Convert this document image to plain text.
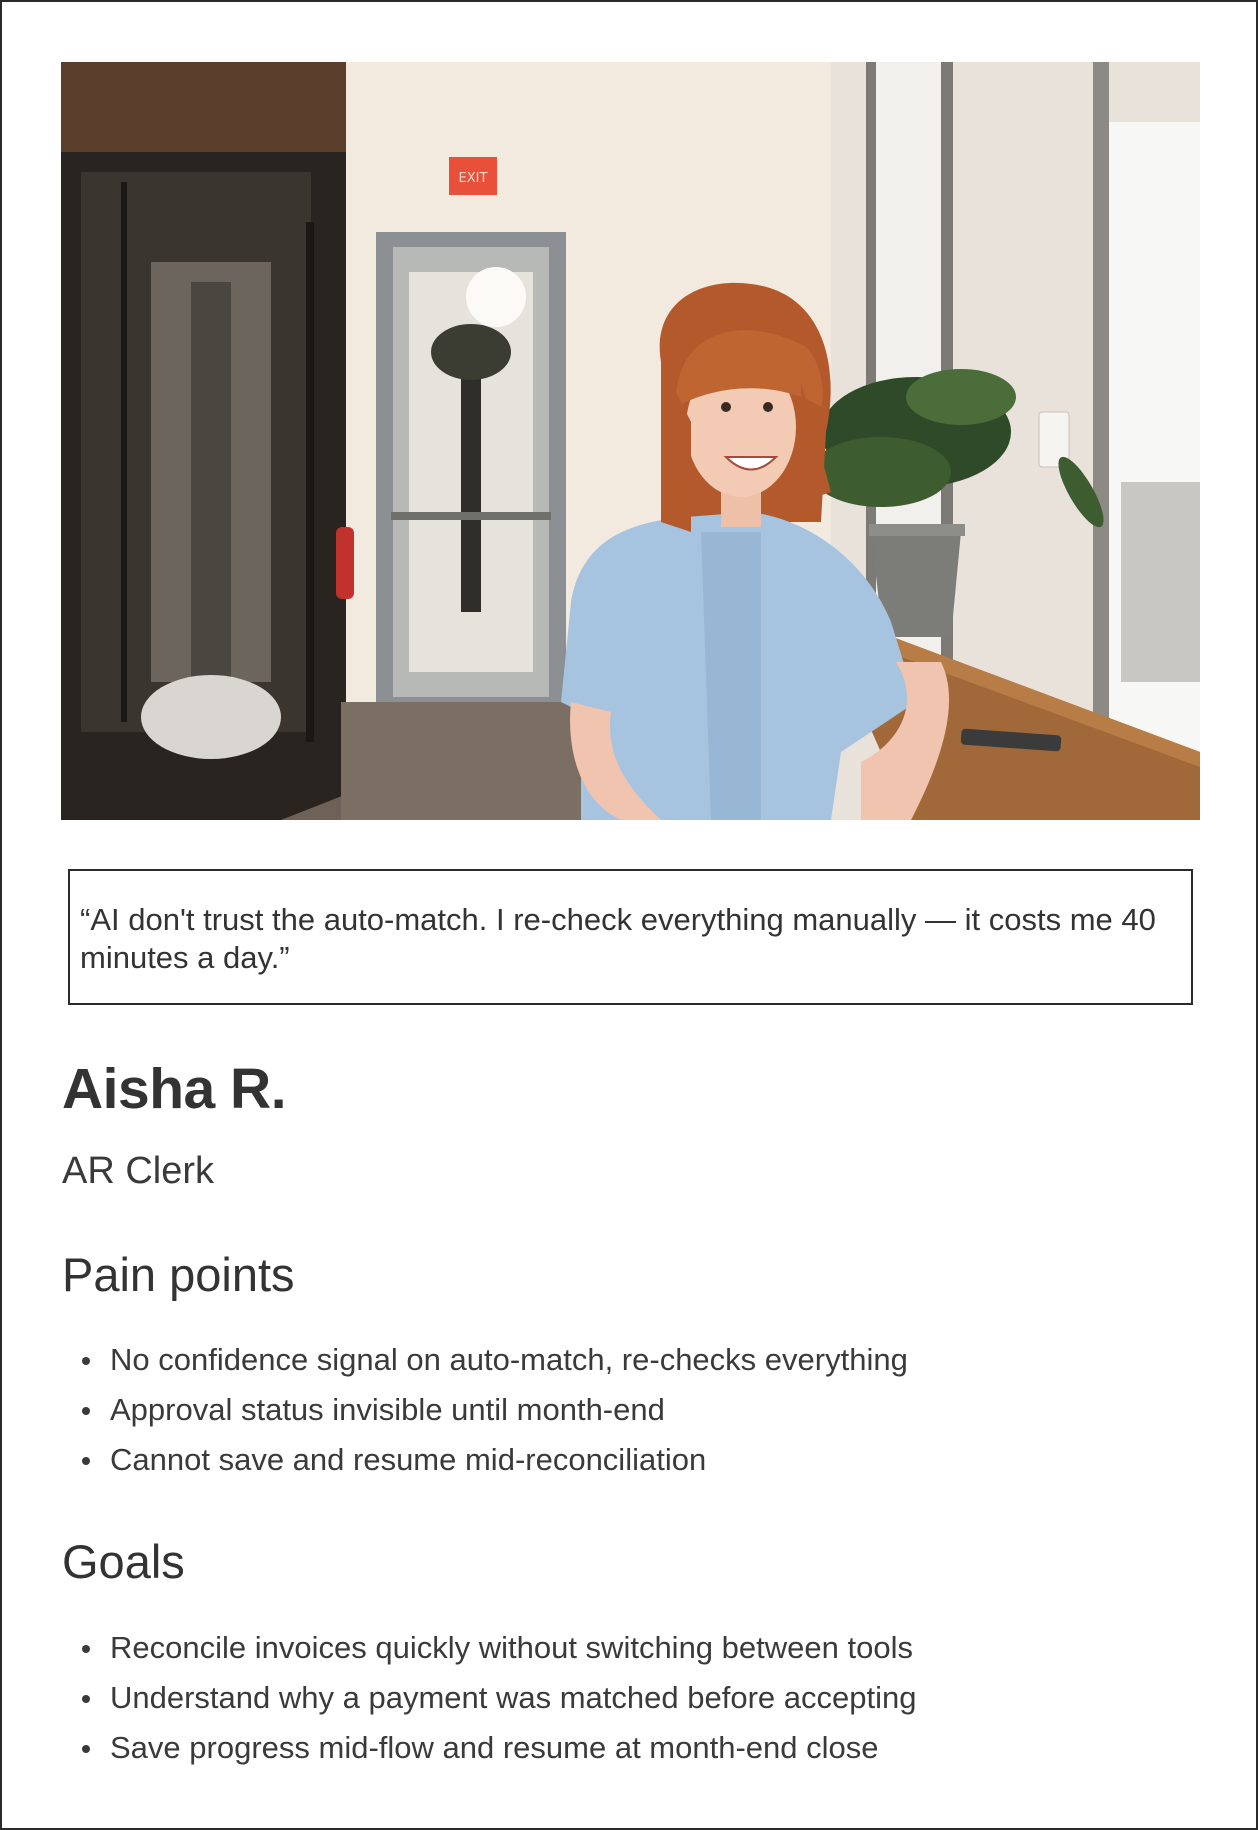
EXIT

“AI don't trust the auto-match. I re-check everything manually — it costs me 40 minutes a day.”

Aisha R.

AR Clerk

Pain points
No confidence signal on auto-match, re-checks everything
Approval status invisible until month-end
Cannot save and resume mid-reconciliation
Goals
Reconcile invoices quickly without switching between tools
Understand why a payment was matched before accepting
Save progress mid-flow and resume at month-end close
